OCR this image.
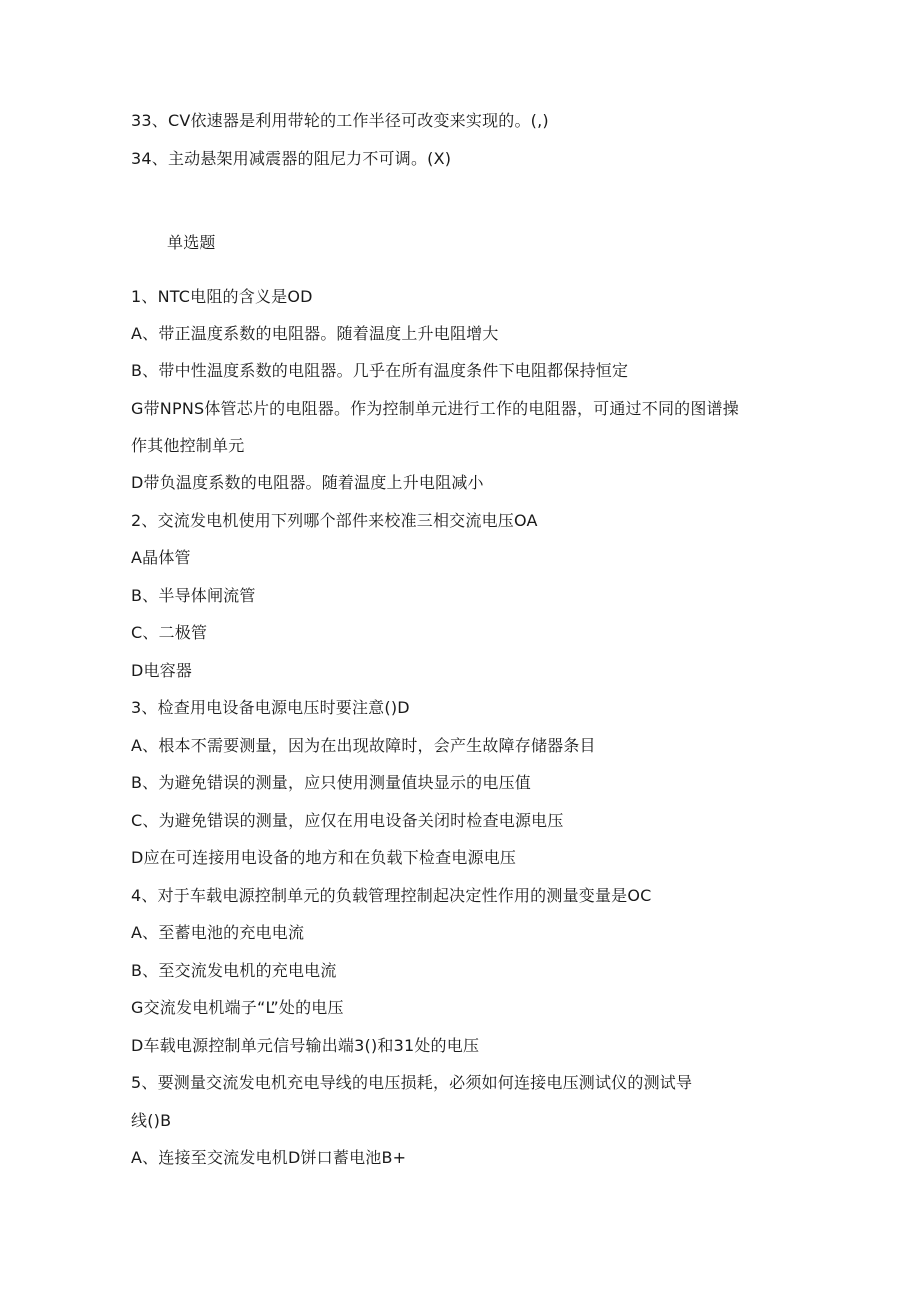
33、CV依速器是利用带轮的工作半径可改变来实现的。(,)
34、主动悬架用减震器的阻尼力不可调。(X)
单选题
1、NTC电阻的含义是OD
A、带正温度系数的电阻器。随着温度上升电阻增大
B、带中性温度系数的电阻器。几乎在所有温度条件下电阻都保持恒定
G带NPNS体管芯片的电阻器。作为控制单元进行工作的电阻器，可通过不同的图谱操
作其他控制单元
D带负温度系数的电阻器。随着温度上升电阻减小
2、交流发电机使用下列哪个部件来校准三相交流电压OA
A晶体管
B、半导体闸流管
C、二极管
D电容器
3、检查用电设备电源电压时要注意()D
A、根本不需要测量，因为在出现故障时，会产生故障存储器条目
B、为避免错误的测量，应只使用测量值块显示的电压值
C、为避免错误的测量，应仅在用电设备关闭时检查电源电压
D应在可连接用电设备的地方和在负载下检查电源电压
4、对于车载电源控制单元的负载管理控制起决定性作用的测量变量是OC
A、至蓄电池的充电电流
B、至交流发电机的充电电流
G交流发电机端子“L”处的电压
D车载电源控制单元信号输出端3()和31处的电压
5、要测量交流发电机充电导线的电压损耗，必须如何连接电压测试仪的测试导
线()B
A、连接至交流发电机D饼口蓄电池B+
